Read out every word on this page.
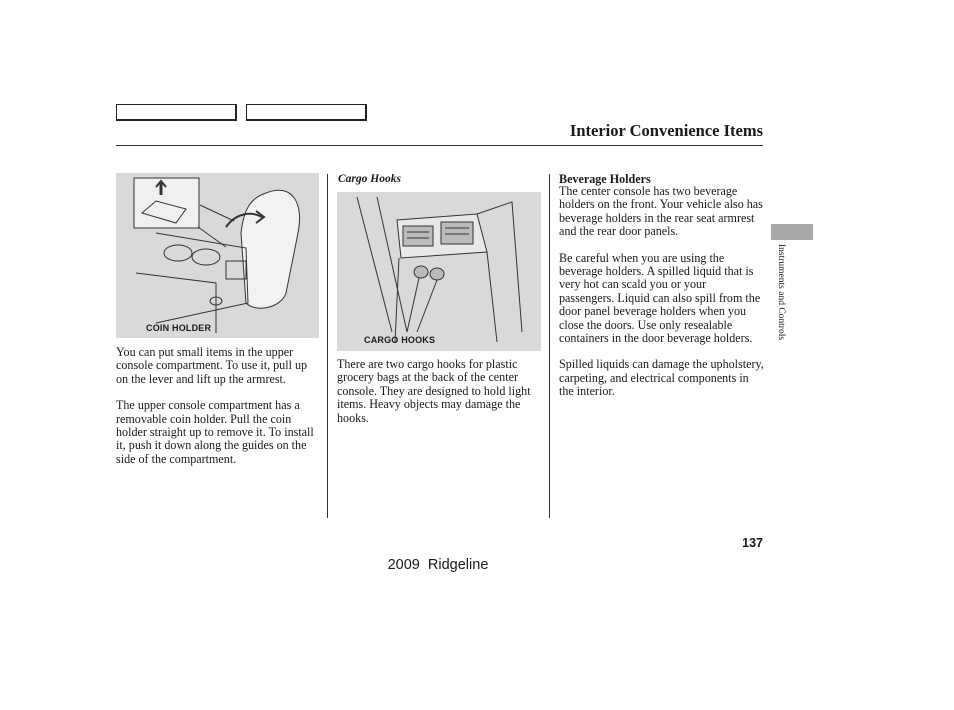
Interior Convenience Items
COIN HOLDER
CARGO HOOKS

You can put small items in the upper console compartment. To use it, pull up on the lever and lift up the armrest.

The upper console compartment has a removable coin holder. Pull the coin holder straight up to remove it. To install it, push it down along the guides on the side of the compartment.

Cargo Hooks

There are two cargo hooks for plastic grocery bags at the back of the center console. They are designed to hold light items. Heavy objects may damage the hooks.

Beverage Holders

The center console has two beverage holders on the front. Your vehicle also has beverage holders in the rear seat armrest and the rear door panels.

Be careful when you are using the beverage holders. A spilled liquid that is very hot can scald you or your passengers. Liquid can also spill from the door panel beverage holders when you close the doors. Use only resealable containers in the door beverage holders.

Spilled liquids can damage the upholstery, carpeting, and electrical components in the interior.

Instruments and Controls
137
2009  Ridgeline
